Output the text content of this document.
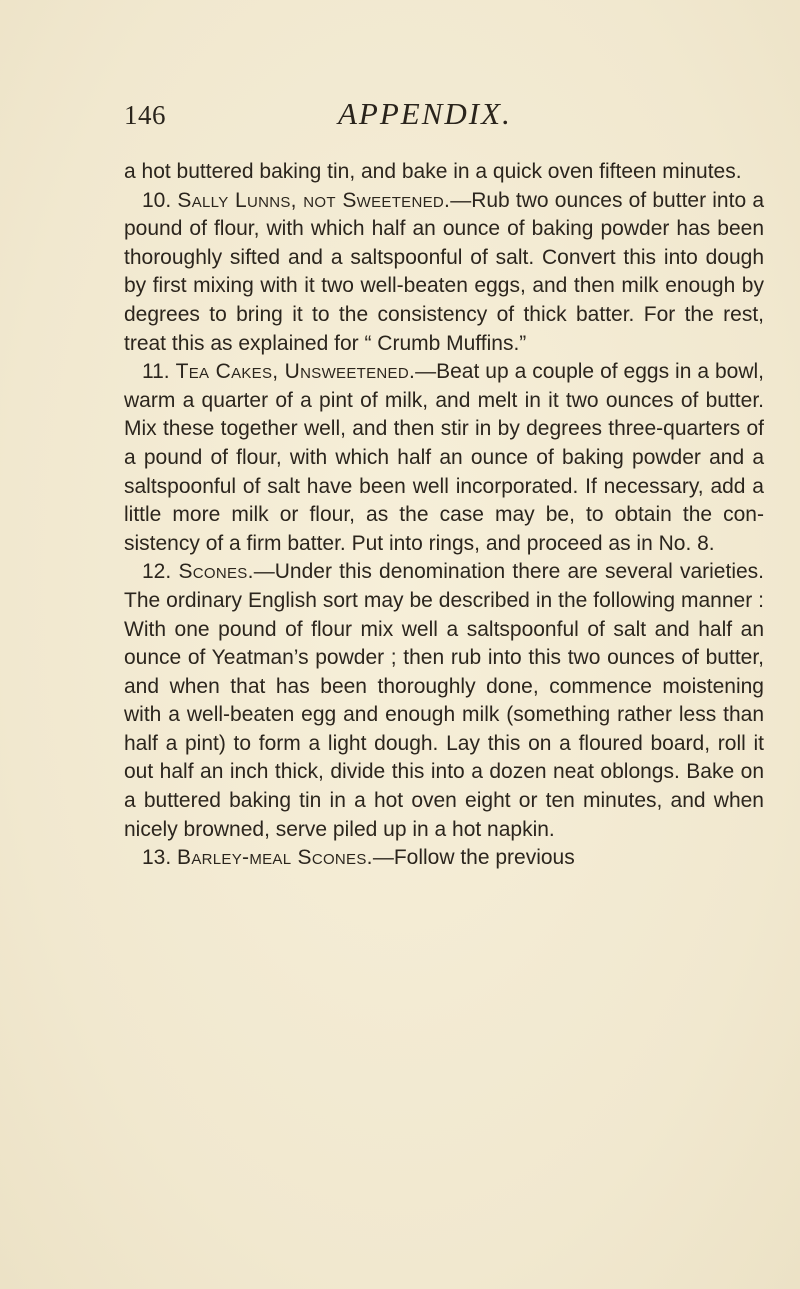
146	APPENDIX.

a hot buttered baking tin, and bake in a quick oven fifteen minutes.

10. Sally Lunns, not Sweetened.—Rub two ounces of butter into a pound of flour, with which half an ounce of baking powder has been thoroughly sifted and a saltspoonful of salt. Convert this into dough by first mixing with it two well-beaten eggs, and then milk enough by degrees to bring it to the consistency of thick batter. For the rest, treat this as explained for “ Crumb Muffins.”

11. Tea Cakes, Unsweetened.—Beat up a couple of eggs in a bowl, warm a quarter of a pint of milk, and melt in it two ounces of butter. Mix these together well, and then stir in by degrees three-quarters of a pound of flour, with which half an ounce of baking powder and a saltspoonful of salt have been well incorporated. If necessary, add a little more milk or flour, as the case may be, to obtain the consistency of a firm batter. Put into rings, and proceed as in No. 8.

12. Scones.—Under this denomination there are several varieties. The ordinary English sort may be described in the following manner : With one pound of flour mix well a saltspoonful of salt and half an ounce of Yeatman’s powder ; then rub into this two ounces of butter, and when that has been thoroughly done, commence moistening with a well-beaten egg and enough milk (something rather less than half a pint) to form a light dough. Lay this on a floured board, roll it out half an inch thick, divide this into a dozen neat oblongs. Bake on a buttered baking tin in a hot oven eight or ten minutes, and when nicely browned, serve piled up in a hot napkin.

13. Barley-meal Scones.—Follow the previous
